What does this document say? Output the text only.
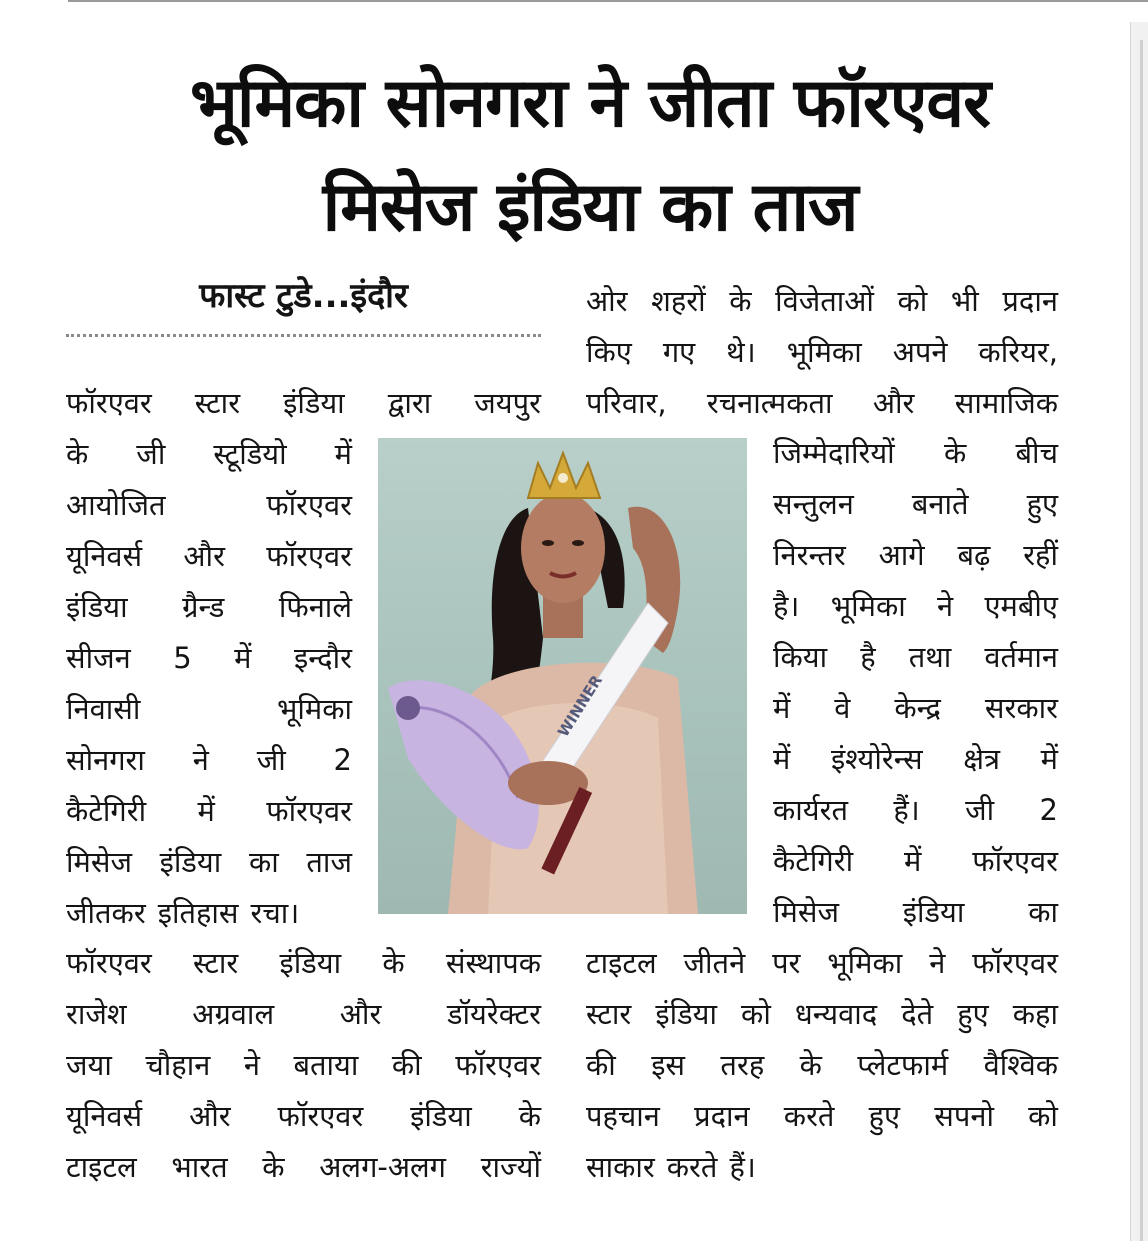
भूमिका सोनगरा ने जीता फॉरएवर
मिसेज इंडिया का ताज
फास्ट टुडे...इंदौर
फॉरएवर स्टार इंडिया द्वारा जयपुर
के जी स्टूडियो में
आयोजित	फॉरएवर
यूनिवर्स और फॉरएवर
इंडिया ग्रैन्ड फिनाले
सीजन 5 में इन्दौर
निवासी	भूमिका
सोनगरा ने जी 2
कैटेगिरी में फॉरएवर
मिसेज इंडिया का ताज
जीतकर इतिहास रचा।
फॉरएवर स्टार इंडिया के संस्थापक
राजेश अग्रवाल और डॉयरेक्टर
जया चौहान ने बताया की फॉरएवर
यूनिवर्स और फॉरएवर इंडिया के
टाइटल भारत के अलग-अलग राज्यों
ओर शहरों के विजेताओं को भी प्रदान
किए गए थे। भूमिका अपने करियर,
परिवार, रचनात्मकता और सामाजिक
जिम्मेदारियों के बीच
सन्तुलन बनाते हुए
निरन्तर आगे बढ़ रहीं
है। भूमिका ने एमबीए
किया है तथा वर्तमान
में वे केन्द्र सरकार
में इंश्योरेन्स क्षेत्र में
कार्यरत हैं। जी 2
कैटेगिरी में फॉरएवर
मिसेज इंडिया का
टाइटल जीतने पर भूमिका ने फॉरएवर
स्टार इंडिया को धन्यवाद देते हुए कहा
की इस तरह के प्लेटफार्म वैश्विक
पहचान प्रदान करते हुए सपनो को
साकार करते हैं।
WINNER
